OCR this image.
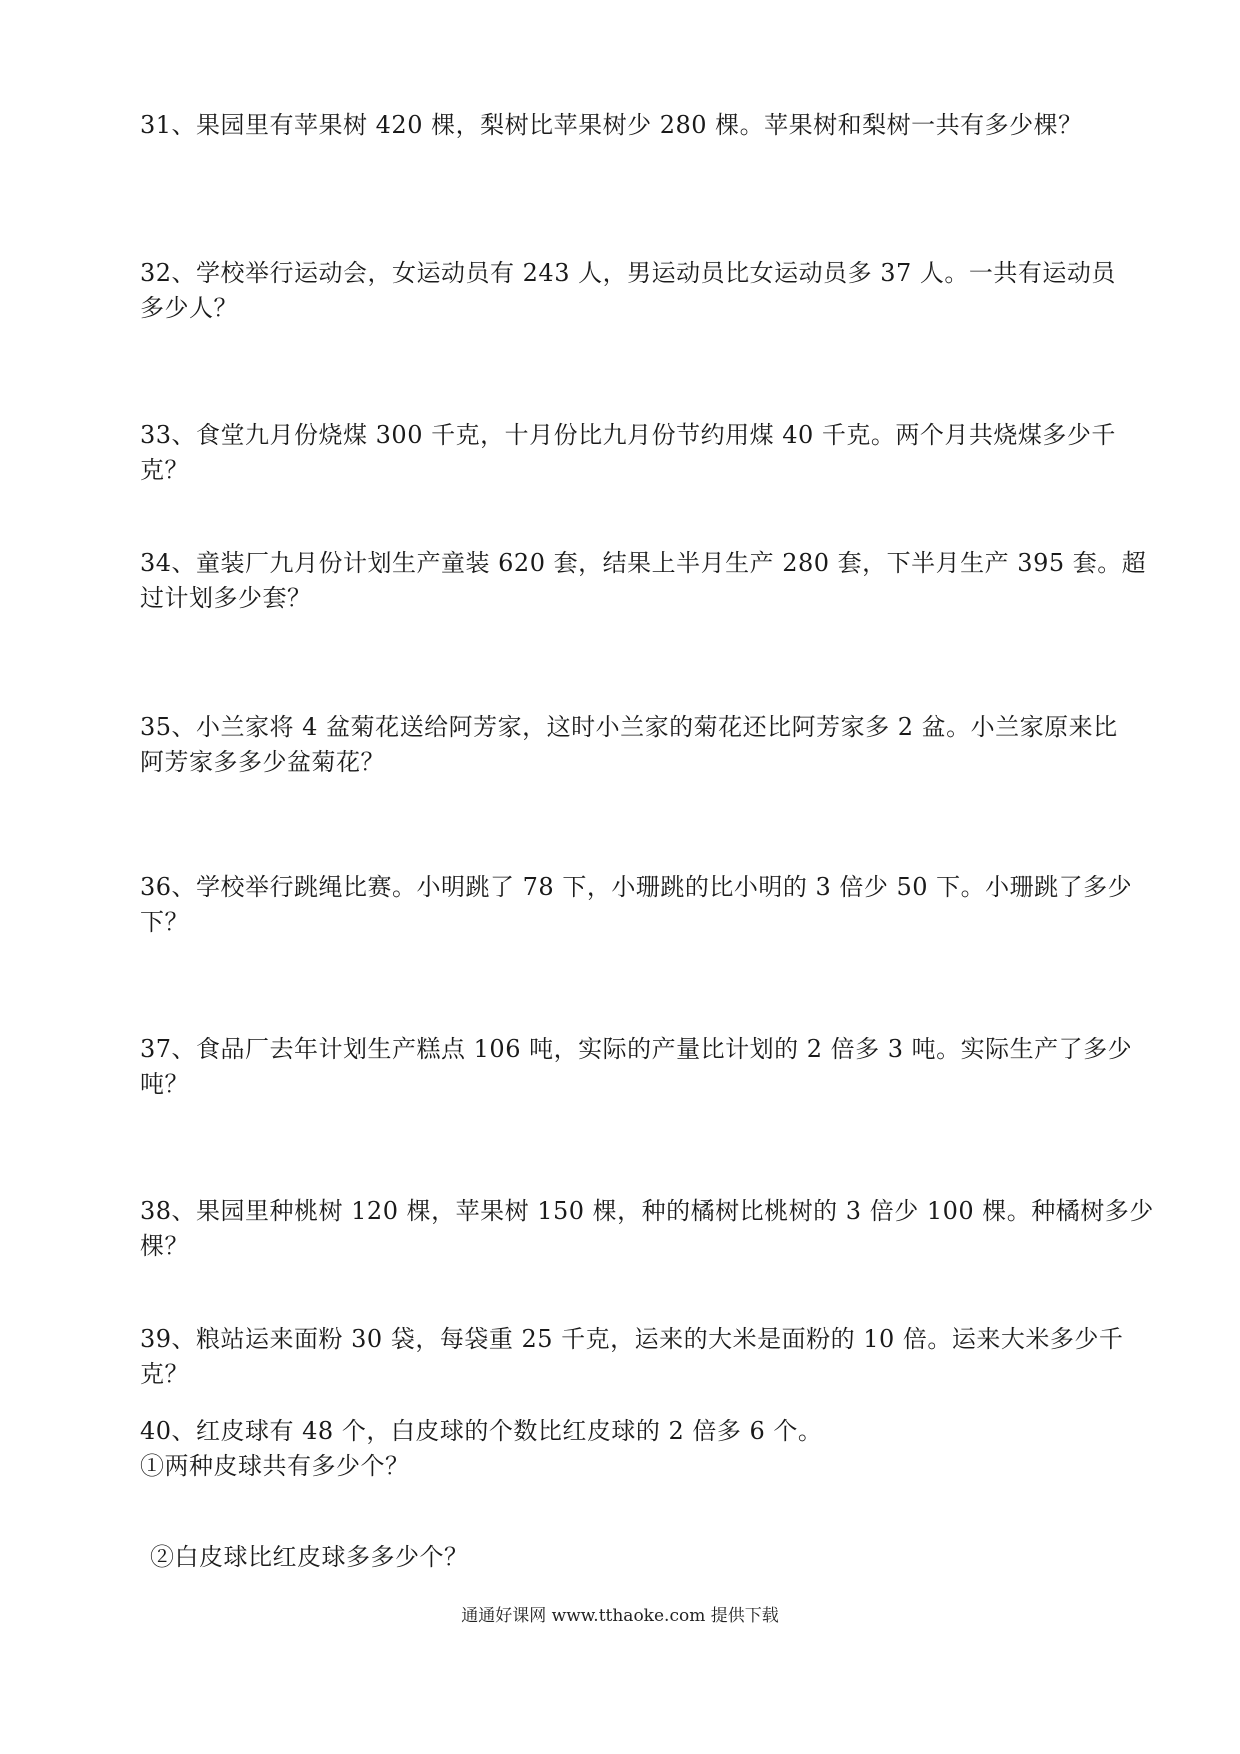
31、果园里有苹果树 420 棵，梨树比苹果树少 280 棵。苹果树和梨树一共有多少棵？
32、学校举行运动会，女运动员有 243 人，男运动员比女运动员多 37 人。一共有运动员
多少人？
33、食堂九月份烧煤 300 千克，十月份比九月份节约用煤 40 千克。两个月共烧煤多少千
克？
34、童装厂九月份计划生产童装 620 套，结果上半月生产 280 套，下半月生产 395 套。超
过计划多少套？
35、小兰家将 4 盆菊花送给阿芳家，这时小兰家的菊花还比阿芳家多 2 盆。小兰家原来比
阿芳家多多少盆菊花？
36、学校举行跳绳比赛。小明跳了 78 下，小珊跳的比小明的 3 倍少 50 下。小珊跳了多少
下？
37、食品厂去年计划生产糕点 106 吨，实际的产量比计划的 2 倍多 3 吨。实际生产了多少
吨？
38、果园里种桃树 120 棵，苹果树 150 棵，种的橘树比桃树的 3 倍少 100 棵。种橘树多少
棵？
39、粮站运来面粉 30 袋，每袋重 25 千克，运来的大米是面粉的 10 倍。运来大米多少千
克？
40、红皮球有 48 个，白皮球的个数比红皮球的 2 倍多 6 个。
①两种皮球共有多少个？

②白皮球比红皮球多多少个？

通通好课网 www.tthaoke.com 提供下载
